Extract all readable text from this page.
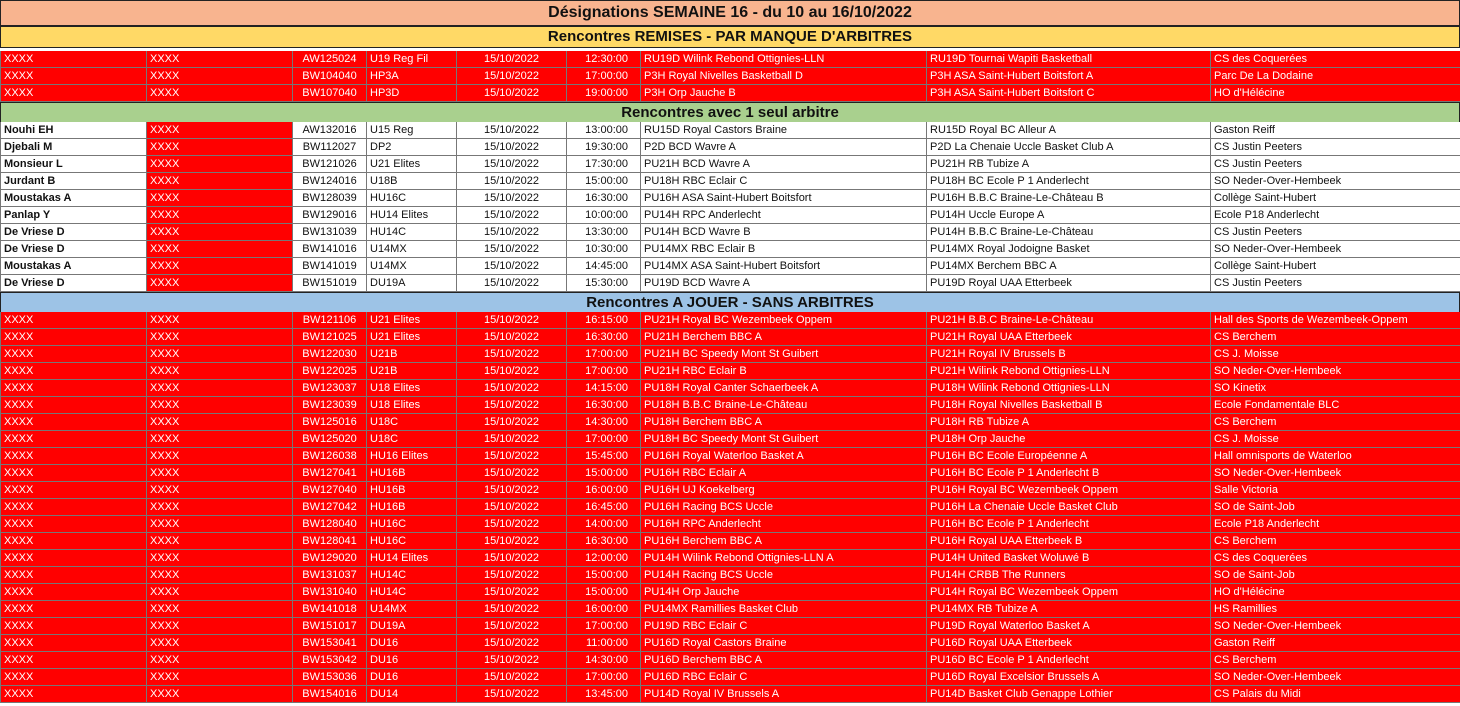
Désignations SEMAINE 16 - du 10 au 16/10/2022
Rencontres REMISES - PAR MANQUE D'ARBITRES
XXXX	XXXX	AW125024	U19 Reg Fil	15/10/2022	12:30:00	RU19D Wilink Rebond Ottignies-LLN	RU19D Tournai Wapiti Basketball	CS des Coquerées
XXXX	XXXX	BW104040	HP3A	15/10/2022	17:00:00	P3H Royal Nivelles Basketball D	P3H ASA Saint-Hubert Boitsfort A	Parc De La Dodaine
XXXX	XXXX	BW107040	HP3D	15/10/2022	19:00:00	P3H Orp Jauche B	P3H ASA Saint-Hubert Boitsfort C	HO d'Hélécine
Rencontres avec 1 seul arbitre
Nouhi EH	XXXX	AW132016	U15 Reg	15/10/2022	13:00:00	RU15D Royal Castors Braine	RU15D Royal BC Alleur A	Gaston Reiff
Djebali M	XXXX	BW112027	DP2	15/10/2022	19:30:00	P2D BCD Wavre A	P2D La Chenaie Uccle Basket Club A	CS Justin Peeters
Monsieur L	XXXX	BW121026	U21 Elites	15/10/2022	17:30:00	PU21H BCD Wavre A	PU21H RB Tubize A	CS Justin Peeters
Jurdant B	XXXX	BW124016	U18B	15/10/2022	15:00:00	PU18H RBC Eclair C	PU18H BC Ecole P 1 Anderlecht	SO Neder-Over-Hembeek
Moustakas A	XXXX	BW128039	HU16C	15/10/2022	16:30:00	PU16H ASA Saint-Hubert Boitsfort	PU16H B.B.C Braine-Le-Château B	Collège Saint-Hubert
Panlap Y	XXXX	BW129016	HU14 Elites	15/10/2022	10:00:00	PU14H RPC Anderlecht	PU14H Uccle Europe A	Ecole P18 Anderlecht
De Vriese D	XXXX	BW131039	HU14C	15/10/2022	13:30:00	PU14H BCD Wavre B	PU14H B.B.C Braine-Le-Château	CS Justin Peeters
De Vriese D	XXXX	BW141016	U14MX	15/10/2022	10:30:00	PU14MX RBC Eclair B	PU14MX Royal Jodoigne Basket	SO Neder-Over-Hembeek
Moustakas A	XXXX	BW141019	U14MX	15/10/2022	14:45:00	PU14MX ASA Saint-Hubert Boitsfort	PU14MX Berchem BBC A	Collège Saint-Hubert
De Vriese D	XXXX	BW151019	DU19A	15/10/2022	15:30:00	PU19D BCD Wavre A	PU19D Royal UAA Etterbeek	CS Justin Peeters
Rencontres A JOUER - SANS ARBITRES
XXXX	XXXX	BW121106	U21 Elites	15/10/2022	16:15:00	PU21H Royal BC Wezembeek Oppem	PU21H B.B.C Braine-Le-Château	Hall des Sports de Wezembeek-Oppem
XXXX	XXXX	BW121025	U21 Elites	15/10/2022	16:30:00	PU21H Berchem BBC A	PU21H Royal UAA Etterbeek	CS Berchem
XXXX	XXXX	BW122030	U21B	15/10/2022	17:00:00	PU21H BC Speedy Mont St Guibert	PU21H Royal IV Brussels B	CS J. Moisse
XXXX	XXXX	BW122025	U21B	15/10/2022	17:00:00	PU21H RBC Eclair B	PU21H Wilink Rebond Ottignies-LLN	SO Neder-Over-Hembeek
XXXX	XXXX	BW123037	U18 Elites	15/10/2022	14:15:00	PU18H Royal Canter Schaerbeek A	PU18H Wilink Rebond Ottignies-LLN	SO Kinetix
XXXX	XXXX	BW123039	U18 Elites	15/10/2022	16:30:00	PU18H B.B.C Braine-Le-Château	PU18H Royal Nivelles Basketball B	Ecole Fondamentale BLC
XXXX	XXXX	BW125016	U18C	15/10/2022	14:30:00	PU18H Berchem BBC A	PU18H RB Tubize A	CS Berchem
XXXX	XXXX	BW125020	U18C	15/10/2022	17:00:00	PU18H BC Speedy Mont St Guibert	PU18H Orp Jauche	CS J. Moisse
XXXX	XXXX	BW126038	HU16 Elites	15/10/2022	15:45:00	PU16H Royal Waterloo Basket A	PU16H BC Ecole Européenne A	Hall omnisports de Waterloo
XXXX	XXXX	BW127041	HU16B	15/10/2022	15:00:00	PU16H RBC Eclair A	PU16H BC Ecole P 1 Anderlecht B	SO Neder-Over-Hembeek
XXXX	XXXX	BW127040	HU16B	15/10/2022	16:00:00	PU16H UJ Koekelberg	PU16H Royal BC Wezembeek Oppem	Salle Victoria
XXXX	XXXX	BW127042	HU16B	15/10/2022	16:45:00	PU16H Racing BCS Uccle	PU16H La Chenaie Uccle Basket Club	SO de Saint-Job
XXXX	XXXX	BW128040	HU16C	15/10/2022	14:00:00	PU16H RPC Anderlecht	PU16H BC Ecole P 1 Anderlecht	Ecole P18 Anderlecht
XXXX	XXXX	BW128041	HU16C	15/10/2022	16:30:00	PU16H Berchem BBC A	PU16H Royal UAA Etterbeek B	CS Berchem
XXXX	XXXX	BW129020	HU14 Elites	15/10/2022	12:00:00	PU14H Wilink Rebond Ottignies-LLN A	PU14H United Basket Woluwé B	CS des Coquerées
XXXX	XXXX	BW131037	HU14C	15/10/2022	15:00:00	PU14H Racing BCS Uccle	PU14H CRBB The Runners	SO de Saint-Job
XXXX	XXXX	BW131040	HU14C	15/10/2022	15:00:00	PU14H Orp Jauche	PU14H Royal BC Wezembeek Oppem	HO d'Hélécine
XXXX	XXXX	BW141018	U14MX	15/10/2022	16:00:00	PU14MX Ramillies Basket Club	PU14MX RB Tubize A	HS Ramillies
XXXX	XXXX	BW151017	DU19A	15/10/2022	17:00:00	PU19D RBC Eclair C	PU19D Royal Waterloo Basket A	SO Neder-Over-Hembeek
XXXX	XXXX	BW153041	DU16	15/10/2022	11:00:00	PU16D Royal Castors Braine	PU16D Royal UAA Etterbeek	Gaston Reiff
XXXX	XXXX	BW153042	DU16	15/10/2022	14:30:00	PU16D Berchem BBC A	PU16D BC Ecole P 1 Anderlecht	CS Berchem
XXXX	XXXX	BW153036	DU16	15/10/2022	17:00:00	PU16D RBC Eclair C	PU16D Royal Excelsior Brussels A	SO Neder-Over-Hembeek
XXXX	XXXX	BW154016	DU14	15/10/2022	13:45:00	PU14D Royal IV Brussels A	PU14D Basket Club Genappe Lothier	CS Palais du Midi
